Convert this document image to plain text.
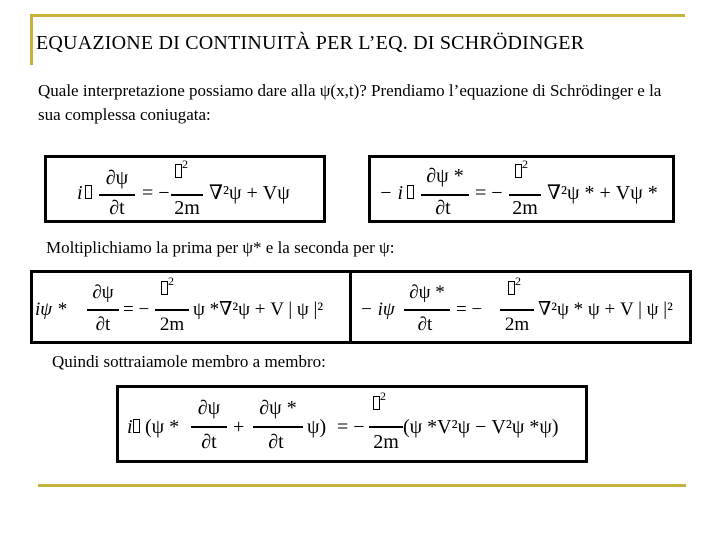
EQUAZIONE DI CONTINUITÀ PER L’EQ. DI SCHRÖDINGER
Quale interpretazione possiamo dare alla ψ(x,t)? Prendiamo l’equazione di Schrödinger e la sua complessa coniugata:
i
∂ψ
∂t
= −
$^2$
2m
∇²ψ + Vψ	− i
∂ψ *
∂t
= −
$^2$
2m
∇²ψ * + Vψ *
Moltiplichiamo la prima per ψ* e la seconda per ψ:
iψ *
∂ψ
∂t
= −
$^2$
2m
ψ *∇²ψ + V | ψ |² − iψ
∂ψ *
∂t
= −
$^2$
2m
∇²ψ * ψ + V | ψ |²
Quindi sottraiamole membro a membro:
i (ψ *
∂ψ
∂t
+
∂ψ *
∂t
ψ) = −
$^2$
2m
(ψ *V²ψ − V²ψ *ψ)
